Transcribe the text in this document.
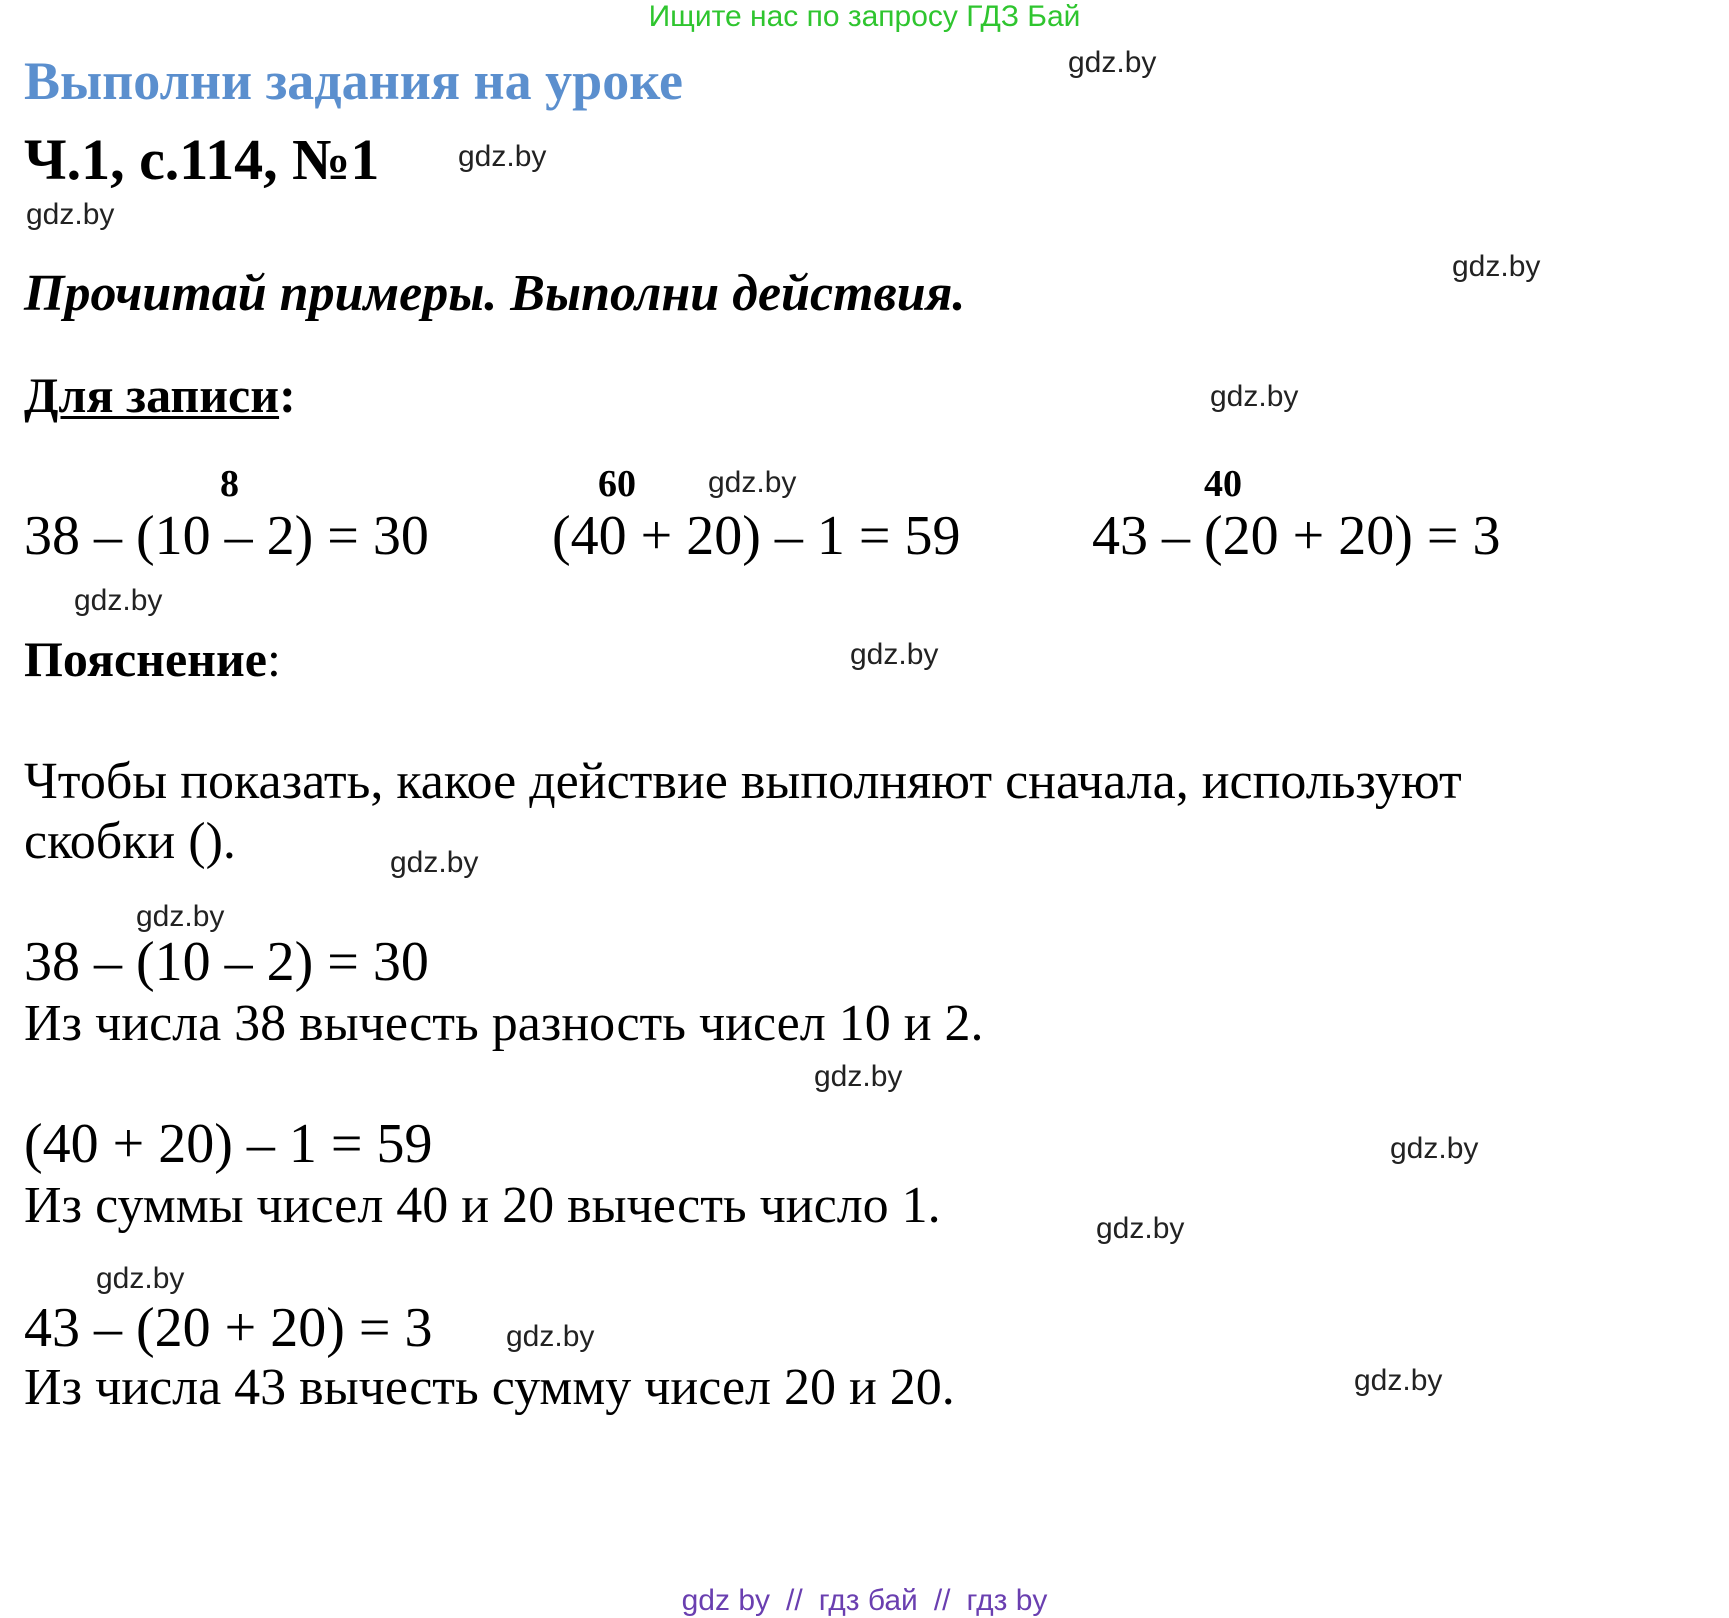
Ищите нас по запросу ГДЗ Бай
Выполни задания на уроке
Ч.1, с.114, №1
Прочитай примеры. Выполни действия.
Для записи:
8
38 – (10 – 2) = 30
60
(40 + 20) – 1 = 59
40
43 – (20 + 20) = 3
Пояснение:
Чтобы показать, какое действие выполняют сначала, используют
скобки ().
38 – (10 – 2) = 30
Из числа 38 вычесть разность чисел 10 и 2.
(40 + 20) – 1 = 59
Из суммы чисел 40 и 20 вычесть число 1.
43 – (20 + 20) = 3
Из числа 43 вычесть сумму чисел 20 и 20.
gdz.by
gdz.by
gdz.by
gdz.by
gdz.by
gdz.by
gdz.by
gdz.by
gdz.by
gdz.by
gdz.by
gdz.by
gdz.by
gdz.by
gdz.by
gdz.by
gdz by // гдз бай // гдз by
